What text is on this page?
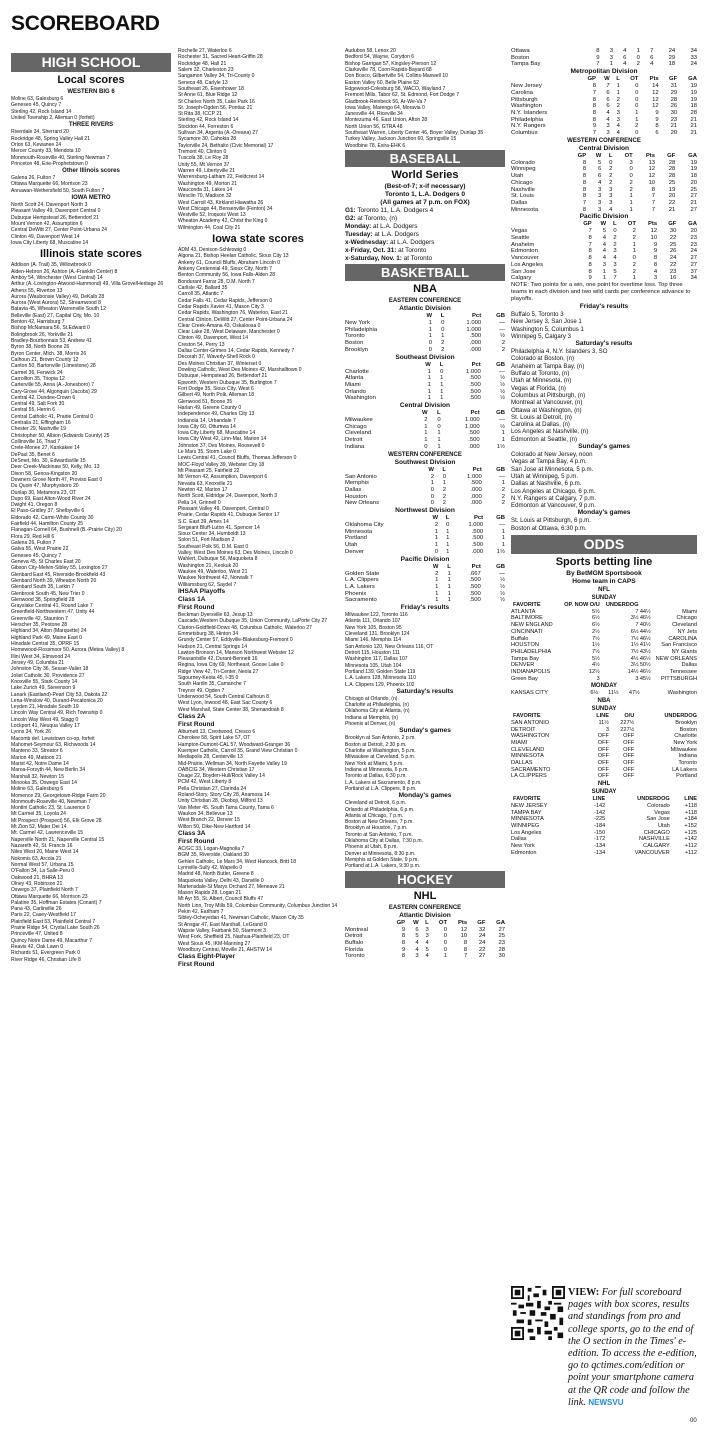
SCOREBOARD
HIGH SCHOOL
Local scores
WESTERN BIG 6
Moline 63, Galesburg 6
Geneseo 45, Quincy 7
Sterling 42, Rock Island 14
United Township 2, Alleman 0 (forfeit)
THREE RIVERS
Riverdale 34, Sherrard 20
Rockridge 48, Spring Valley Hall 21
Orion 63, Kewanee 24
Mercer County 33, Mendota 10
Monmouth-Roseville 40, Sterling Newman 7
Princeton 48, Erie-Prophetstown 0
Other Illinois scores
Galena 26, Fulton 7
Ottawa Marquette 66, Morrison 23
Annawan-Wethersfield 50, South Fulton 7
IOWA METRO
North Scott 24, Davenport North 3
Pleasant Valley 49, Davenport Central 0
Dubuque Hempstead 26, Bettendorf 21
Mount Vernon 42, Assumption 6
Central DeWitt 27, Center Point-Urbana 24
Clinton 49, Davenport West 14
Iowa City Liberty 68, Muscatine 14
Illinois state scores
Addison (A. Trail) 35, Willowbrook 0
Alden-Hebron 26, Ashton (A.-Franklin Center) 8
Amboy 54, Winchester (West Central) 14
Arthur (A.-Lovington-Atwood-Hammond) 49, Villa Grove/Heritage 26
Athens 55, Riverton 13
Aurora (Waubonsie Valley) 49, DeKalb 28
Aurora (West Aurora) 52, Streamwood 8
Batavia 45, Wheaton Warrenville South 12
Belleville (East) 27, Capital City, Mo. 10
Benton 42, Harrisburg 7
Bishop McNamara 56, St.Edward 0
Bolingbrook 26, Yorkville 21
Bradley-Bourbonnais 53, Andrew 41
Byron 38, North Boone 26
Byron Center, Mich. 38, Morris 26
Calhoun 21, Brown County 12
Canton 50, Bartonville (Limestone) 28
Carmel 36, Fenwick 24
Carrollton 35, Triopia 12
Carterville 55, Anna (A.-Jonesboro) 7
Cary-Grove 44, Algonquin (Jacobs) 29
Central 42, Dundee-Crown 6
Central 49, Salt Fork 30
Central 55, Herrin 6
Central Catholic 41, Prairie Central 0
Centralia 21, Effingham 16
Chester 29, Nashville 19
Christopher 50, Albion (Edwards County) 25
Collinsville 16, Triad 7
Crete-Monee 27, Kankakee 14
DePaul 35, Benet 6
DeSmet, Mo. 30, Edwardsville 15
Deer Creek-Mackinaw 50, Kelly, Mo. 13
Dixon 58, Genoa-Kingston 20
Downers Grove North 47, Proviso East 0
Du Quoin 47, Murphysboro 20
Dunlap 30, Metamora 23, OT
Dupo 69, East Alton-Wood River 24
Dwight 41, Oregon 8
El Paso-Gridley 37, Shelbyville 6
Eldorado 42, Carmi-White County 30
Fairfield 44, Hamilton County 25
Flanagan-Cornell 64, Bushnell (B.-Prairie City) 20
Flora 29, Red Hill 6
Galena 26, Fulton 7
Galva 55, West Prairie 22
Geneseo 45, Quincy 7
Geneva 45, St Charles East 20
Gibson City-Melvin-Sibley 55, Lexington 27
Glenbard East 45, Riverside-Brookfield 43
Glenbard North 39, Wheaton North 20
Glenbard South 35, Larkin 7
Glenbrook South 45, New Trier 0
Glenwood 38, Springfield 28
Grayslake Central 41, Round Lake 7
Greenfield-Northwestern 47, Unity 44
Greenville 42, Staunton 7
Herscher 35, Peotone 28
Highland 34, Alton (Marquette) 24
Highland Park 49, Maine East 0
Hinsdale Central 35, OPRF 15
Homewood-Flossmoor 50, Aurora (Metea Valley) 8
Illini West 34, Elmwood 24
Jersey 49, Columbia 21
Johnston City 36, Sesser-Valier 18
Joliet Catholic 30, Providence 27
Knoxville 55, Stark County 14
Lake Zurich 49, Stevenson 9
Lanark (Eastland)-Pearl City 53, Dakota 22
Lena-Winslow 40, Durand-Pecatonica 20
Leyden 21, Hinsdale South 19
Lincoln Way Central 49, Rich Township 0
Lincoln Way West 49, Stagg 0
Lockport 41, Neuqua Valley 17
Lyons 34, York 26
Macomb def. Lewistown co-op, forfeit
Mahomet-Seymour 63, Richwoods 14
Manteno 33, Streator 6
Marion 49, Mattoon 21
Marist 42, Notre Dame 14
Maroa-Forsyth 44, New Berlin 34
Marshall 32, Newton 15
Minooka 35, Oswego East 14
Moline 63, Galesburg 6
Momence 29, Georgetown-Ridge Farm 20
Monmouth-Roseville 40, Newman 7
Montini Catholic 23, St. Laurence 0
Mt Carmel 35, Loyola 24
Mt Prospect (Prospect) 56, Elk Grove 28
Mt Zion 52, Mater Dei 14
Mt. Carmel 42, Lawrenceville 15
Naperville North 21, Naperville Central 15
Nazareth 42, St. Francis 16
Niles West 20, Maine West 14
Nokomis 63, Arcola 21
Normal West 57, Urbana 15
O'Fallon 34, La Salle-Peru 0
Oakwood 21, BHRA 13
Olney 43, Robinson 21
Oswego 37, Plainfield North 7
Ottawa Marquette 66, Morrison 23
Palatine 35, Hoffman Estates (Conant) 7
Pana 43, Carlinville 26
Paris 22, Casey-Westfield 17
Plainfield East 53, Plainfield Central 7
Prairie Ridge 54, Crystal Lake South 26
Princeville 47, United 8
Quincy Notre Dame 49, Macarthur 7
Reavis 42, Oak Lawn 0
Richards 51, Evergreen Park 0
River Ridge 46, Christian Life 8
Rochelle 27, Waterloo 6
Rochester 31, Sacred Heart-Griffin 28
Rockridge 48, Hall 21
Salem 32, Charleston 23
Sangamon Valley 34, Tri-County 0
Seneca 48, Carlyle 13
Southeast 26, Eisenhower 18
St Anne 61, Blue Ridge 12
St Charles North 35, Lake Park 16
St. Joseph-Ogden 56, Pontiac 21
St Rita 38, ICCP 21
Sterling 42, Rock Island 14
Stockton 44, Forreston 6
Sullivan 34, Argenta (A.-Oreana) 27
Sycamore 30, Cahokia 28
Taylorville 24, Bethalto (Civic Memorial) 17
Tremont 40, Clinton 0
Tuscola 38, Le Roy 28
Unity 55, Mt Vernon 37
Warren 49, Libertyville 21
Warrensburg-Latham 22, Fieldcrest 14
Washington 49, Morton 21
Wauconda 31, Lakes 14
Wesclin 70, Madison 32
West Carroll 43, Kirkland Hiawatha 26
West Chicago 44, Bensenville (Fenton) 34
Westville 52, Iroquois West 13
Wheaton Academy 42, Christ the King 0
Wilmington 44, Coal City 21
Iowa state scores
ADM 43, Denison-Schleswig 0
Algona 21, Bishop Heelan Catholic, Sioux City 13
Ankeny 61, Council Bluffs, Abraham Lincoln 0
Ankeny Centennial 49, Sioux City, North 7
Benton Community 56, Iowa Falls-Alden 28
Bondurant Farrar 28, D.M. North 7
Carlisle 42, Ballard 35
Carroll 35, Atlantic 7
Cedar Falls 41, Cedar Rapids, Jefferson 0
Cedar Rapids Xavier 41, Mason City 3
Cedar Rapids, Washington 76, Waterloo, East 21
Central Clinton, DeWitt 27, Center Point-Urbana 24
Clear Creek-Amana 43, Oskaloosa 0
Clear Lake 28, West Delaware, Manchester 0
Clinton 49, Davenport, West 14
Creston 54, Perry 13
Dallas Center-Grimes 14, Cedar Rapids, Kennedy 7
Decorah 37, Waverly-Shell Rock 0
Des Moines Christian 37, Winterset 0
Dowling Catholic, West Des Moines 42, Marshalltown 0
Dubuque, Hempstead 26, Bettendorf 21
Epworth, Western Dubuque 35, Burlington 7
Fort Dodge 35, Sioux City, West 6
Gilbert 49, North Polk, Alleman 18
Glenwood 51, Boone 35
Harlan 49, Greene County 0
Independence 49, Charles City 13
Indianola 14, Urbandale 7
Iowa City 60, Ottumwa 14
Iowa City Liberty 68, Muscatine 14
Iowa City West 42, Linn-Mar, Marion 14
Johnston 37, Des Moines, Roosevelt 0
Le Mars 35, Storm Lake 0
Lewis Central 41, Council Bluffs, Thomas Jefferson 0
MOC-Floyd Valley 39, Webster City 18
Mt Pleasant 25, Fairfield 22
Mt Vernon 42, Assumption, Davenport 6
Nevada 63, Knoxville 21
Newton 42, Marion 17
North Scott, Eldridge 24, Davenport, North 3
Pella 14, Grinnell 0
Pleasant Valley 49, Davenport, Central 0
Prairie, Cedar Rapids 41, Dubuque Senior 17
S.C. East 39, Ames 14
Sergeant Bluff-Luton 41, Spencer 14
Sioux Center 34, Humboldt 13
Solon 51, Fort Madison 2
Southeast Polk 56, D.M. East 0
Valley, West Des Moines 63, Des Moines, Lincoln 0
Wahlert, Dubuque 56, Maquoketa 8
Washington 21, Keokuk 20
Waukee 49, Waterloo, West 21
Waukee Northwest 42, Norwalk 7
Williamsburg 62, Saydel 7
IHSAA Playoffs
Class 1A
First Round
Beckman Dyersville 63, Jesup 13
Cascade,Western Dubuque 35, Union Community, LaPorte City 27
Clarion-Goldfield-Dows 48, Columbus Catholic, Waterloo 27
Emmetsburg 38, Hinton 34
Grundy Center 57, Eddyville-Blakesburg-Fremont 0
Hudson 21, Central Springs 14
Lawton-Bronson 14, Manson Northwest Webster 12
Pleasantville 42, Durant-Bennett 16
Regina, Iowa City 69, Northeast, Goose Lake 0
Ridge View 42, Tri-Center, Neola 27
Sigourney-Keota 45, I-35 0
South Hardin 35, Camanche 7
Treynor 49, Ogden 7
Underwood 54, South Central Calhoun 8
West Lyon, Inwood 48, East Sac County 6
West Marshall, State Center 38, Shenandoah 8
Class 2A
First Round
Alburnett 13, Crestwood, Cresco 6
Cherokee 58, Spirit Lake 57, OT
Hampton-Dumont-CAL 57, Woodward-Granger 36
Kuemper Catholic, Carroll 35, Grand View Christian 0
Mediapolis 28, Centerville 13
Mid-Prairie, Wellman 34, North Fayette Valley 19
OABCIG 34, Western Christian 17
Osage 22, Boyden-Hull/Rock Valley 14
PCM 42, West Liberty 8
Pella Christian 27, Clarinda 24
Roland-Story, Story City 28, Anamosa 14
Unity Christian 28, Okoboji, Milford 13
Van Meter 45, South Tama County, Tama 6
Waukon 34, Bellevue 13
West Branch 22, Denver 15
Wilton 50, Dike-New Hartford 14
Class 3A
First Round
AC/GC 33, Logan-Magnolia 7
BGM 35, Riverside, Oakland 30
Gehlen Catholic, Le Mars 34, West Hancock, Britt 18
Lynnville-Sully 42, Wapello 0
Madrid 48, North Butler, Greene 8
Maquoketa Valley, Delhi 43, Danville 0
Martensdale-St Marys Orchard 27, Meneave 21
Mason Rapids 28, Logan 21
Mt Ayr 55, St. Albert, Council Bluffs 47
North Linn, Troy Mills 59, Columbus Community, Columbus Junction 14
Pekin 42, Earlham 7
Sibley-Ocheyedan 41, Newman Catholic, Mason City 35
St Ansgar 47, East Marshall, LeGrand 0
Wapsie Valley, Fairbank 50, Starmont 3
West Fork, Sheffield 25, Nashua-Plainfield 23, OT
West Sioux 45, IKM-Manning 27
Woodbury Central, Moville 21, AHSTW 14
Class Eight-Player
First Round
Audubon 58, Lenox 20
Bedford 54, Wayne, Corydon 6
Bishop Garrigan 57, Kingsley-Pierson 12
Clarksville 78, Coon Rapids-Bayard 68
Don Bosco, Gilbertville 54, Collins-Maxwell 10
Easton Valley 60, Belle Plaine 52
Edgewood-Colesburg 58, WACO, Wayland 7
Fremont Mills, Tabor 62, St. Edmond, Fort Dodge 7
Gladbrook-Reinbeck 56, Ar-We-Va 7
Iowa Valley, Marengo 64, Moravia 0
Janesville 44, Riceville 34
Montezuma 46, East Union, Afton 28
North Union 56, GTRA 48
Southeast Warren, Liberty Center 46, Boyer Valley, Dunlap 35
Turkey Valley, Jackson Junction 60, Springville 15
Woodbine 78, Exira-EHK 6
BASEBALL
World Series
(Best-of-7; x-if necessary)
Toronto 1, L.A. Dodgers 0
(All games at 7 p.m. on FOX)
G1: Toronto 11, L.A. Dodgers 4
G2: at Toronto, (n)
Monday: at L.A. Dodgers
Tuesday: at L.A. Dodgers
x-Wednesday: at L.A. Dodgers
x-Friday, Oct. 31: at Toronto
x-Saturday, Nov. 1: at Toronto
BASKETBALL
NBA
EASTERN CONFERENCE
Atlantic Division
	W	L	Pct	GB
New York	1	0	1.000	—
Philadelphia	1	0	1.000	—
Toronto	1	1	.500	½
Boston	0	2	.000	2
Brooklyn	0	2	.000	2
Southeast Division
	W	L	Pct	GB
Charlotte	1	0	1.000	—
Atlanta	1	1	.500	½
Miami	1	1	.500	½
Orlando	1	1	.500	½
Washington	1	1	.500	½
Central Division
	W	L	Pct	GB
Milwaukee	2	0	1.000	—
Chicago	1	0	1.000	½
Cleveland	1	1	.500	1
Detroit	1	1	.500	1
Indiana	0	1	.000	1½
WESTERN CONFERENCE
Southwest Division
	W	L	Pct	GB
San Antonio	2	0	1.000	—
Memphis	1	1	.500	1
Dallas	0	2	.000	2
Houston	0	2	.000	2
New Orleans	0	2	.000	2
Northwest Division
	W	L	Pct	GB
Oklahoma City	2	0	1.000	—
Minnesota	1	1	.500	1
Portland	1	1	.500	1
Utah	1	1	.500	1
Denver	0	1	.000	1½
Pacific Division
	W	L	Pct	GB
Golden State	2	1	.667	—
L.A. Clippers	1	1	.500	½
L.A. Lakers	1	1	.500	½
Phoenix	1	1	.500	½
Sacramento	1	1	.500	½
Friday's results
Milwaukee 122, Toronto 116
Atlanta 111, Orlando 107
New York 105, Boston 95
Cleveland 131, Brooklyn 124
Miami 146, Memphis 114
San Antonio 120, New Orleans 116, OT
Detroit 115, Houston 111
Washington 117, Dallas 107
Minnesota 105, Utah 104
Portland 139, Golden State 119
L.A. Lakers 128, Minnesota 110
L.A. Clippers 129, Phoenix 102
Saturday's results
Chicago at Orlando, (n)
Charlotte at Philadelphia, (n)
Oklahoma City at Atlanta, (n)
Indiana at Memphis, (n)
Phoenix at Denver, (n)
Sunday's games
Brooklyn at San Antonio, 2 p.m.
Boston at Detroit, 2:30 p.m.
Charlotte at Washington, 5 p.m.
Milwaukee at Cleveland, 5 p.m.
New York at Miami, 5 p.m.
Indiana at Minnesota, 6 p.m.
Toronto at Dallas, 6:30 p.m.
L.A. Lakers at Sacramento, 8 p.m.
Portland at L.A. Clippers, 8 p.m.
Monday's games
Cleveland at Detroit, 6 p.m.
Orlando at Philadelphia, 6 p.m.
Atlanta at Chicago, 7 p.m.
Boston at New Orleans, 7 p.m.
Brooklyn at Houston, 7 p.m.
Toronto at San Antonio, 7 p.m.
Oklahoma City at Dallas, 7:30 p.m.
Phoenix at Utah, 8 p.m.
Denver at Minnesota, 8:30 p.m.
Memphis at Golden State, 9 p.m.
Portland at L.A. Lakers, 9:30 p.m.
HOCKEY
NHL
EASTERN CONFERENCE
Atlantic Division
	GP	W	L	OT	Pts	GF	GA
Montreal	9	6	3	0	12	32	27
Detroit	8	5	3	0	10	24	25
Buffalo	8	4	4	0	8	24	23
Florida	9	4	5	0	8	22	28
Toronto	8	3	4	1	7	27	30
Ottawa	8	3	4	1	7	24	34
Boston	9	3	6	0	6	29	33
Tampa Bay	7	1	4	2	4	18	24
Metropolitan Division
	GP	W	L	OT	Pts	GF	GA
New Jersey	8	7	1	0	14	31	19
Carolina	7	6	1	0	12	29	19
Pittsburgh	8	6	2	0	12	28	19
Washington	8	6	2	0	12	26	18
N.Y. Islanders	8	4	3	1	9	30	28
Philadelphia	8	4	3	1	9	23	21
N.Y. Rangers	9	3	4	2	8	21	21
Columbus	7	3	4	0	6	20	21
WESTERN CONFERENCE
Central Division
	GP	W	L	OT	Pts	GF	GA
Colorado	8	5	0	3	13	28	19
Winnipeg	8	6	2	0	12	28	19
Utah	8	6	2	0	12	28	18
Chicago	8	4	2	2	10	25	20
Nashville	8	3	3	2	8	19	25
St. Louis	8	3	3	1	7	20	27
Dallas	7	3	3	1	7	22	21
Minnesota	8	3	4	1	7	21	27
Pacific Division
	GP	W	L	OT	Pts	GF	GA
Vegas	7	5	0	2	12	30	20
Seattle	8	4	2	2	10	22	23
Anaheim	7	4	2	1	9	25	23
Edmonton	8	4	3	1	9	26	24
Vancouver	8	4	4	0	8	24	27
Los Angeles	8	3	3	2	8	22	27
San Jose	8	1	5	2	4	23	37
Calgary	9	1	7	1	3	16	34
NOTE: Two points for a win, one point for overtime loss. Top three teams in each division and two wild cards per conference advance to playoffs.
Friday's results
Buffalo 5, Toronto 3
New Jersey 3, San Jose 1
Washington 5, Columbus 1
Winnipeg 5, Calgary 3
Saturday's results
Philadelphia 4, N.Y. Islanders 3, SO
Colorado at Boston, (n)
Anaheim at Tampa Bay, (n)
Buffalo at Toronto, (n)
Utah at Minnesota, (n)
Vegas at Florida, (n)
Columbus at Pittsburgh, (n)
Montreal at Vancouver, (n)
Ottawa at Washington, (n)
St. Louis at Detroit, (n)
Carolina at Dallas, (n)
Los Angeles at Nashville, (n)
Edmonton at Seattle, (n)
Sunday's games
Colorado at New Jersey, noon
Vegas at Tampa Bay, 4 p.m.
San Jose at Minnesota, 5 p.m.
Utah at Winnipeg, 5 p.m.
Dallas at Nashville, 6 p.m.
Los Angeles at Chicago, 6 p.m.
N.Y. Rangers at Calgary, 7 p.m.
Edmonton at Vancouver, 9 p.m.
Monday's games
St. Louis at Pittsburgh, 6 p.m.
Boston at Ottawa, 6:30 p.m.
ODDS
Sports betting line
By BetMGM Sportsbook
Home team in CAPS
NFL
SUNDAY
FAVORITE	OP. NOW O/U	UNDERDOG		
ATLANTA	5½	7	44½	Miami
BALTIMORE	6½	3½	46½	Chicago
NEW ENGLAND	6½	7	40½	Cleveland
CINCINNATI	2½	6½	44½	NY Jets
Buffalo	7½	7½	46½	CAROLINA
HOUSTON	1½	1½	41½	San Francisco
PHILADELPHIA	7½	7½	43½	NY Giants
Tampa Bay	5½	4½	46½	NEW ORLEANS
DENVER	4½	3½	50½	Dallas
INDIANAPOLIS	12½	14½	46½	Tennessee
Green Bay	3	3	45½	PITTSBURGH
MONDAY
KANSAS CITY	6½	11½	47½	Washington
NBA
SUNDAY
FAVORITE	LINE	O/U	UNDERDOG
SAN ANTONIO	11½	227½	Brooklyn
DETROIT	3	227½	Boston
WASHINGTON	OFF	OFF	Charlotte
MIAMI	OFF	OFF	New York
CLEVELAND	OFF	OFF	Milwaukee
MINNESOTA	OFF	OFF	Indiana
DALLAS	OFF	OFF	Toronto
SACRAMENTO	OFF	OFF	LA Lakers
LA CLIPPERS	OFF	OFF	Portland
NHL
SUNDAY
FAVORITE	LINE	UNDERDOG	LINE
NEW JERSEY	-142	Colorado	+118
TAMPA BAY	-142	Vegas	+118
MINNESOTA	-225	San Jose	+184
WINNIPEG	-184	Utah	+152
Los Angeles	-150	CHICAGO	+125
Dallas	-172	NASHVILLE	+142
New York	-134	CALGARY	+112
Edmonton	-134	VANCOUVER	+112
VIEW: For full scoreboard pages with box scores, results and standings from pro and college sports, go to the end of the O section in the Times' e-edition. To access the e-edition, go to qctimes.com/edition or point your smartphone camera at the QR code and follow the link. NEWSVU
00
